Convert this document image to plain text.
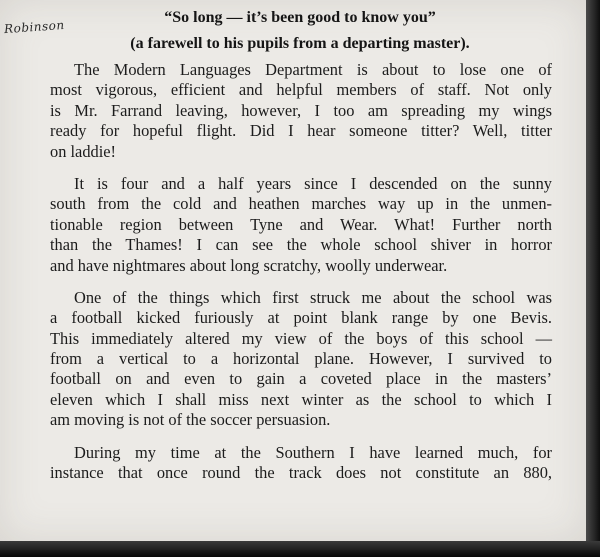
Robinson

“So long — it’s been good to know you”
(a farewell to his pupils from a departing master).

The Modern Languages Department is about to lose one of
most vigorous, efficient and helpful members of staff. Not only
is Mr. Farrand leaving, however, I too am spreading my wings
ready for hopeful flight. Did I hear someone titter? Well, titter
on laddie!

It is four and a half years since I descended on the sunny
south from the cold and heathen marches way up in the unmen-
tionable region between Tyne and Wear. What! Further north
than the Thames! I can see the whole school shiver in horror
and have nightmares about long scratchy, woolly underwear.

One of the things which first struck me about the school was
a football kicked furiously at point blank range by one Bevis.
This immediately altered my view of the boys of this school —
from a vertical to a horizontal plane. However, I survived to
football on and even to gain a coveted place in the masters’
eleven which I shall miss next winter as the school to which I
am moving is not of the soccer persuasion.

During my time at the Southern I have learned much, for
instance that once round the track does not constitute an 880,
